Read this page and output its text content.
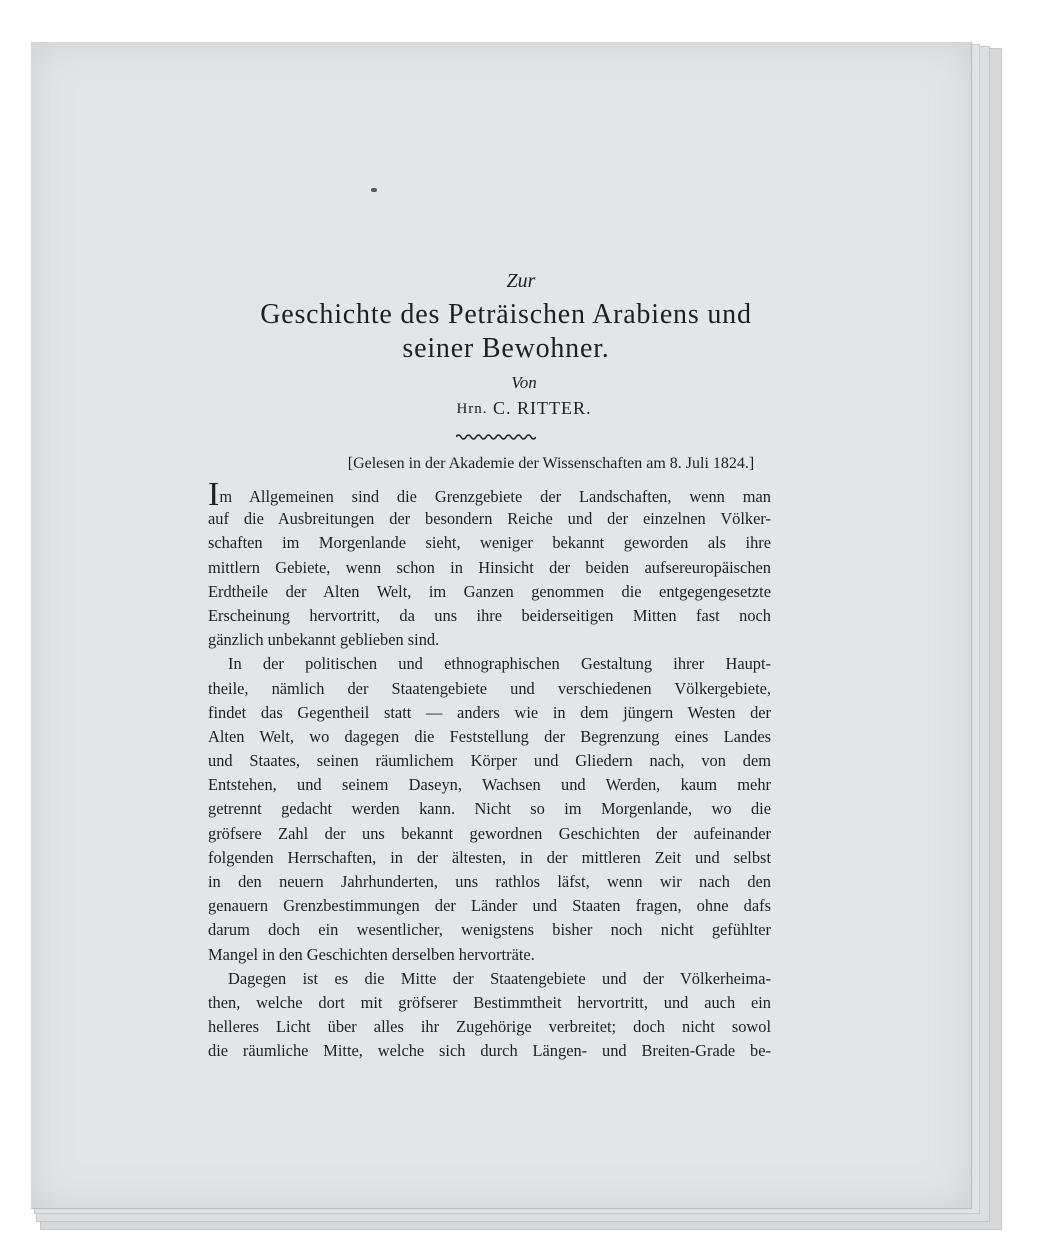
Zur
Geschichte des Peträischen Arabiens und
seiner Bewohner.
Von
Hrn. C. RITTER.
[Gelesen in der Akademie der Wissenschaften am 8. Juli 1824.]
Im Allgemeinen sind die Grenzgebiete der Landschaften, wenn man
auf die Ausbreitungen der besondern Reiche und der einzelnen Völker-
schaften im Morgenlande sieht, weniger bekannt geworden als ihre
mittlern Gebiete, wenn schon in Hinsicht der beiden aufsereuropäischen
Erdtheile der Alten Welt, im Ganzen genommen die entgegengesetzte
Erscheinung hervortritt, da uns ihre beiderseitigen Mitten fast noch
gänzlich unbekannt geblieben sind.
In der politischen und ethnographischen Gestaltung ihrer Haupt-
theile, nämlich der Staatengebiete und verschiedenen Völkergebiete,
findet das Gegentheil statt — anders wie in dem jüngern Westen der
Alten Welt, wo dagegen die Feststellung der Begrenzung eines Landes
und Staates, seinen räumlichem Körper und Gliedern nach, von dem
Entstehen, und seinem Daseyn, Wachsen und Werden, kaum mehr
getrennt gedacht werden kann. Nicht so im Morgenlande, wo die
gröfsere Zahl der uns bekannt gewordnen Geschichten der aufeinander
folgenden Herrschaften, in der ältesten, in der mittleren Zeit und selbst
in den neuern Jahrhunderten, uns rathlos läfst, wenn wir nach den
genauern Grenzbestimmungen der Länder und Staaten fragen, ohne dafs
darum doch ein wesentlicher, wenigstens bisher noch nicht gefühlter
Mangel in den Geschichten derselben hervorträte.
Dagegen ist es die Mitte der Staatengebiete und der Völkerheima-
then, welche dort mit gröfserer Bestimmtheit hervortritt, und auch ein
helleres Licht über alles ihr Zugehörige verbreitet; doch nicht sowol
die räumliche Mitte, welche sich durch Längen- und Breiten-Grade be-
